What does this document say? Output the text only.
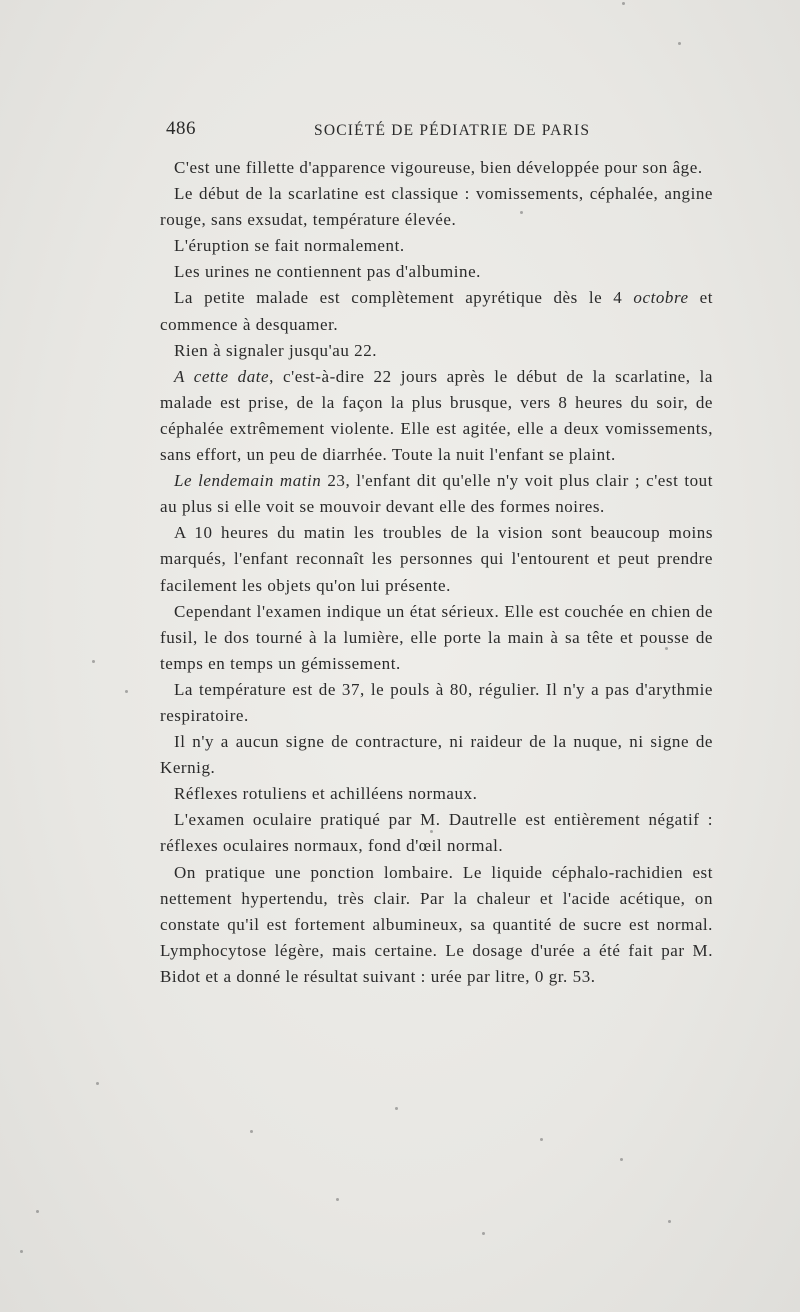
486	SOCIÉTÉ DE PÉDIATRIE DE PARIS

C'est une fillette d'apparence vigoureuse, bien développée pour son âge.

Le début de la scarlatine est classique : vomissements, céphalée, angine rouge, sans exsudat, température élevée.

L'éruption se fait normalement.

Les urines ne contiennent pas d'albumine.

La petite malade est complètement apyrétique dès le 4 octobre et commence à desquamer.

Rien à signaler jusqu'au 22.

A cette date, c'est-à-dire 22 jours après le début de la scarlatine, la malade est prise, de la façon la plus brusque, vers 8 heures du soir, de céphalée extrêmement violente. Elle est agitée, elle a deux vomissements, sans effort, un peu de diarrhée. Toute la nuit l'enfant se plaint.

Le lendemain matin 23, l'enfant dit qu'elle n'y voit plus clair ; c'est tout au plus si elle voit se mouvoir devant elle des formes noires.

A 10 heures du matin les troubles de la vision sont beaucoup moins marqués, l'enfant reconnaît les personnes qui l'entourent et peut prendre facilement les objets qu'on lui présente.

Cependant l'examen indique un état sérieux. Elle est couchée en chien de fusil, le dos tourné à la lumière, elle porte la main à sa tête et pousse de temps en temps un gémissement.

La température est de 37, le pouls à 80, régulier. Il n'y a pas d'arythmie respiratoire.

Il n'y a aucun signe de contracture, ni raideur de la nuque, ni signe de Kernig.

Réflexes rotuliens et achilléens normaux.

L'examen oculaire pratiqué par M. Dautrelle est entièrement négatif : réflexes oculaires normaux, fond d'œil normal.

On pratique une ponction lombaire. Le liquide céphalo-rachidien est nettement hypertendu, très clair. Par la chaleur et l'acide acétique, on constate qu'il est fortement albumineux, sa quantité de sucre est normal. Lymphocytose légère, mais certaine. Le dosage d'urée a été fait par M. Bidot et a donné le résultat suivant : urée par litre, 0 gr. 53.
